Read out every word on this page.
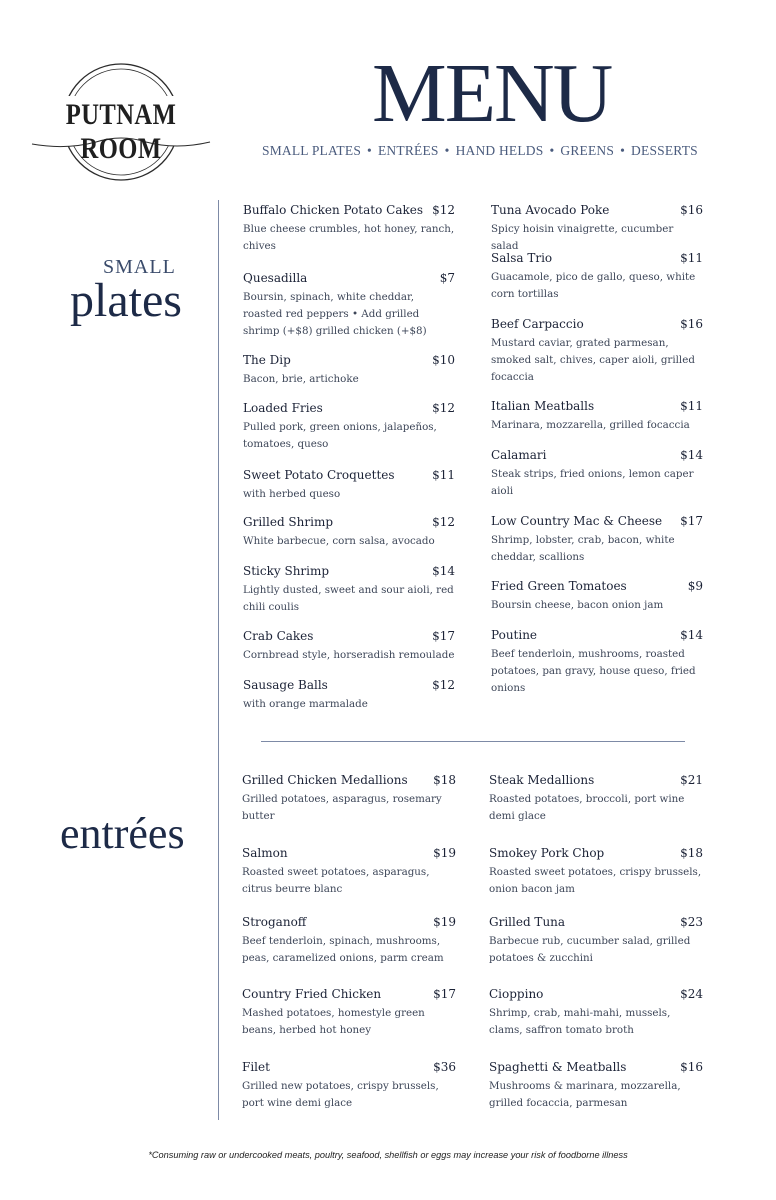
PUTNAM ROOM
MENU
SMALL PLATES • ENTRÉES • HAND HELDS • GREENS • DESSERTS
SMALL
plates
entrées
Buffalo Chicken Potato Cakes $12
Blue cheese crumbles, hot honey, ranch, chives
Quesadilla	$7
Boursin, spinach, white cheddar, roasted red peppers • Add grilled shrimp (+$8) grilled chicken (+$8)
The Dip	$10
Bacon, brie, artichoke
Loaded Fries	$12
Pulled pork, green onions, jalapeños, tomatoes, queso
Sweet Potato Croquettes	$11
with herbed queso
Grilled Shrimp	$12
White barbecue, corn salsa, avocado
Sticky Shrimp	$14
Lightly dusted, sweet and sour aioli, red chili coulis
Crab Cakes	$17
Cornbread style, horseradish remoulade
Sausage Balls	$12
with orange marmalade
Tuna Avocado Poke	$16
Spicy hoisin vinaigrette, cucumber salad
Salsa Trio	$11
Guacamole, pico de gallo, queso, white corn tortillas
Beef Carpaccio	$16
Mustard caviar, grated parmesan, smoked salt, chives, caper aioli, grilled focaccia
Italian Meatballs	$11
Marinara, mozzarella, grilled focaccia
Calamari	$14
Steak strips, fried onions, lemon caper aioli
Low Country Mac & Cheese $17
Shrimp, lobster, crab, bacon, white cheddar, scallions
Fried Green Tomatoes	$9
Boursin cheese, bacon onion jam
Poutine	$14
Beef tenderloin, mushrooms, roasted potatoes, pan gravy, house queso, fried onions
Grilled Chicken Medallions $18
Grilled potatoes, asparagus, rosemary butter
Salmon	$19
Roasted sweet potatoes, asparagus, citrus beurre blanc
Stroganoff	$19
Beef tenderloin, spinach, mushrooms, peas, caramelized onions, parm cream
Country Fried Chicken	$17
Mashed potatoes, homestyle green beans, herbed hot honey
Filet	$36
Grilled new potatoes, crispy brussels, port wine demi glace
Steak Medallions	$21
Roasted potatoes, broccoli, port wine demi glace
Smokey Pork Chop	$18
Roasted sweet potatoes, crispy brussels, onion bacon jam
Grilled Tuna	$23
Barbecue rub, cucumber salad, grilled potatoes & zucchini
Cioppino	$24
Shrimp, crab, mahi-mahi, mussels, clams, saffron tomato broth
Spaghetti & Meatballs	$16
Mushrooms & marinara, mozzarella, grilled focaccia, parmesan
*Consuming raw or undercooked meats, poultry, seafood, shellfish or eggs may increase your risk of foodborne illness
